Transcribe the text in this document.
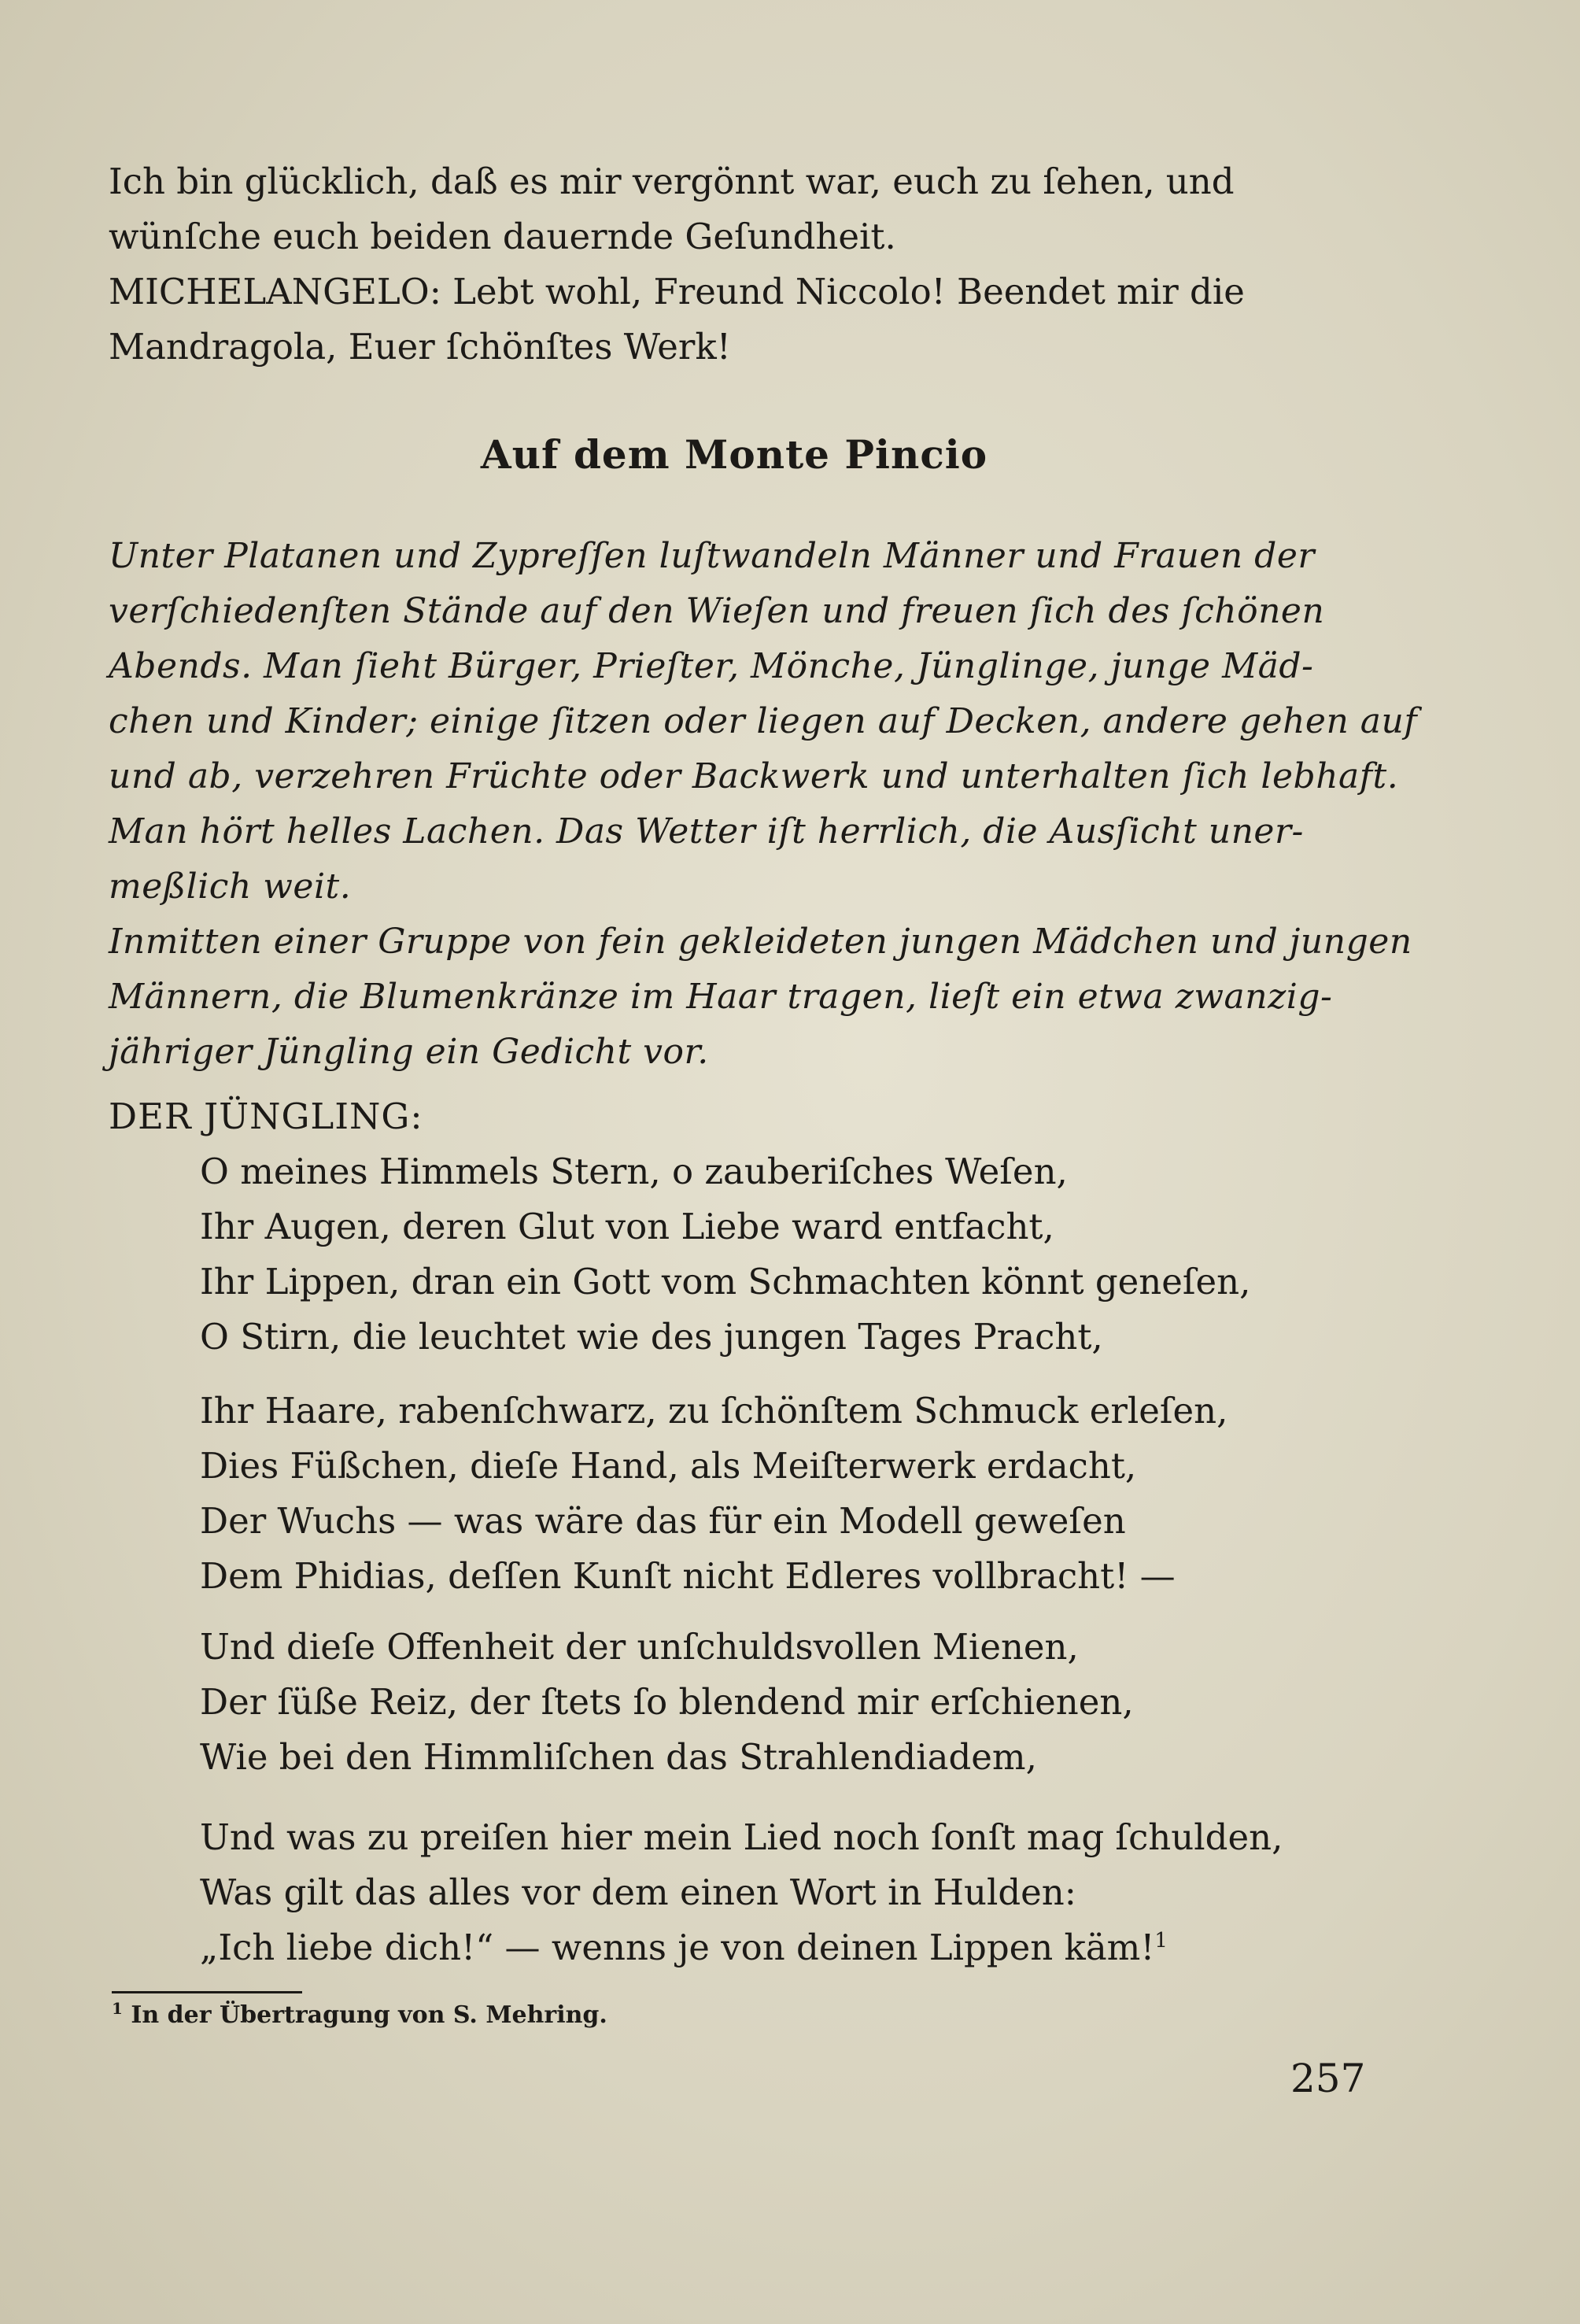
Ich bin glücklich, daß es mir vergönnt war, euch zu ſehen, und
wünſche euch beiden dauernde Geſundheit.
MICHELANGELO: Lebt wohl, Freund Niccolo! Beendet mir die
Mandragola, Euer ſchönſtes Werk!

Auf dem Monte Pincio

Unter Platanen und Zypreſſen luſtwandeln Männer und Frauen der
verſchiedenſten Stände auf den Wieſen und freuen ſich des ſchönen
Abends. Man ſieht Bürger, Prieſter, Mönche, Jünglinge, junge Mäd-
chen und Kinder; einige ſitzen oder liegen auf Decken, andere gehen auf
und ab, verzehren Früchte oder Backwerk und unterhalten ſich lebhaft.
Man hört helles Lachen. Das Wetter iſt herrlich, die Ausſicht uner-
meßlich weit.

Inmitten einer Gruppe von fein gekleideten jungen Mädchen und jungen
Männern, die Blumenkränze im Haar tragen, lieſt ein etwa zwanzig-
jähriger Jüngling ein Gedicht vor.

DER JÜNGLING:

O meines Himmels Stern, o zauberiſches Weſen,
Ihr Augen, deren Glut von Liebe ward entfacht,
Ihr Lippen, dran ein Gott vom Schmachten könnt geneſen,
O Stirn, die leuchtet wie des jungen Tages Pracht,
Ihr Haare, rabenſchwarz, zu ſchönſtem Schmuck erleſen,
Dies Füßchen, dieſe Hand, als Meiſterwerk erdacht,
Der Wuchs — was wäre das für ein Modell geweſen
Dem Phidias, deſſen Kunſt nicht Edleres vollbracht! —
Und dieſe Offenheit der unſchuldsvollen Mienen,
Der ſüße Reiz, der ſtets ſo blendend mir erſchienen,
Wie bei den Himmliſchen das Strahlendiadem,
Und was zu preiſen hier mein Lied noch ſonſt mag ſchulden,
Was gilt das alles vor dem einen Wort in Hulden:
„Ich liebe dich!“ — wenns je von deinen Lippen käm!$^1$
$^1$ In der Übertragung von S. Mehring.
257
